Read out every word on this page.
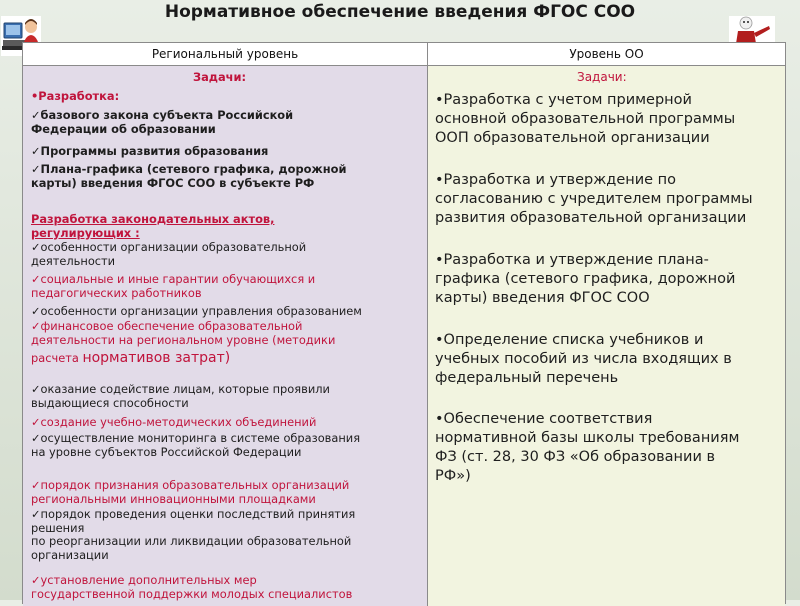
Нормативное обеспечение введения ФГОС СОО
Региональный уровень	Уровень ОО

Задачи:

•Разработка:

✓базового закона субъекта Российской
Федерации об образовании

✓Программы развития образования

✓Плана-графика (сетевого графика, дорожной
карты) введения ФГОС СОО в субъекте РФ

Разработка законодательных актов,
регулирующих :

✓особенности организации образовательной
деятельности

✓социальные и иные гарантии обучающихся и
педагогических работников

✓особенности организации управления образованием

✓финансовое обеспечение образовательной
деятельности на региональном уровне (методики

расчета нормативов затрат)

✓оказание содействие лицам, которые проявили
выдающиеся способности

✓создание учебно-методических объединений

✓осуществление мониторинга в системе образования
на уровне субъектов Российской Федерации

✓порядок признания образовательных организаций
региональными инновационными площадками

✓порядок проведения оценки последствий принятия
решения
по реорганизации или ликвидации образовательной
организации

✓установление дополнительных мер
государственной поддержки молодых специалистов

Задачи:

•Разработка с учетом примерной
основной образовательной программы
ООП образовательной организации

•Разработка и утверждение по
согласованию с учредителем программы
развития образовательной организации

•Разработка и утверждение плана-
графика (сетевого графика, дорожной
карты) введения ФГОС СОО

•Определение списка учебников и
учебных пособий из числа входящих в
федеральный перечень

•Обеспечение соответствия
нормативной базы школы требованиям
ФЗ (ст. 28, 30 ФЗ «Об образовании в
РФ»)
